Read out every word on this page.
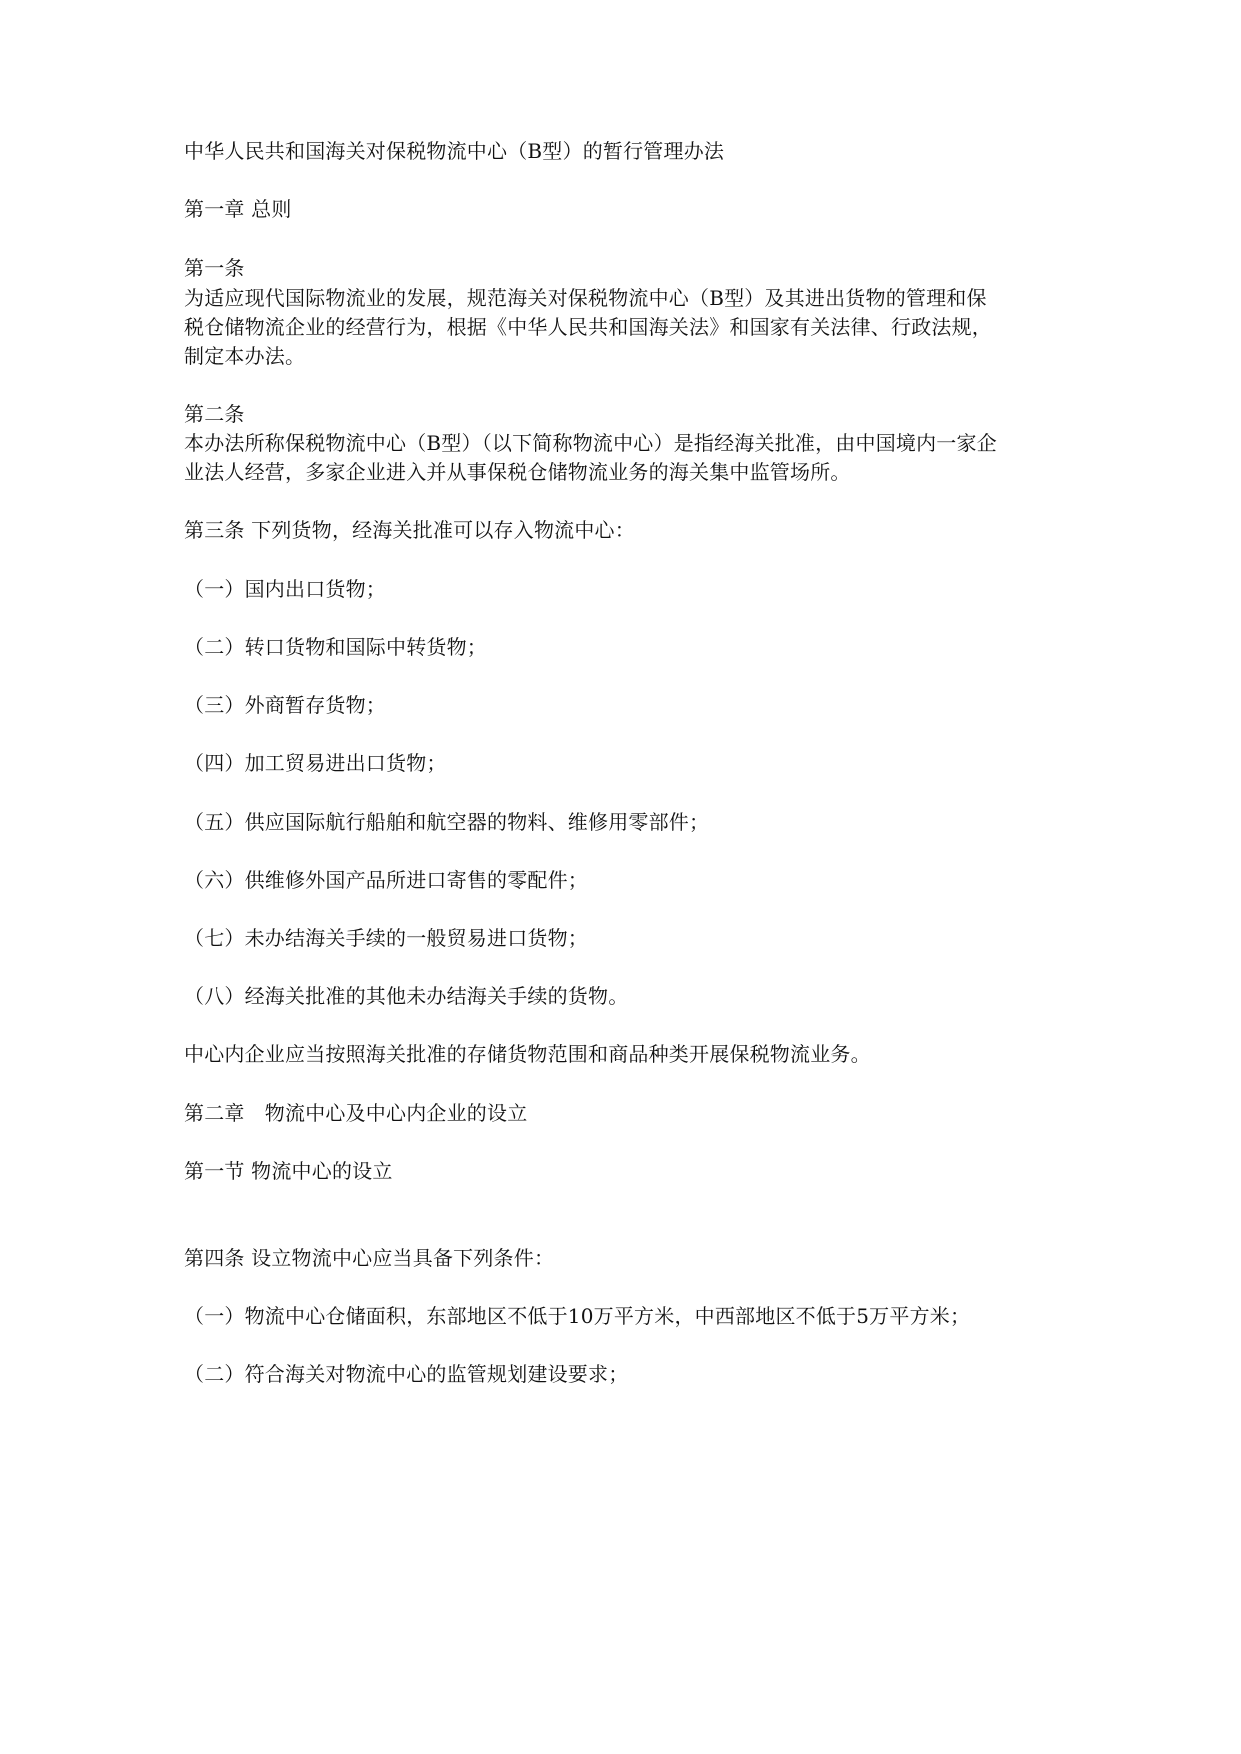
中华人民共和国海关对保税物流中心（B型）的暂行管理办法
第一章 总则
第一条
为适应现代国际物流业的发展，规范海关对保税物流中心（B型）及其进出货物的管理和保
税仓储物流企业的经营行为，根据《中华人民共和国海关法》和国家有关法律、行政法规，
制定本办法。
第二条
本办法所称保税物流中心（B型）（以下简称物流中心）是指经海关批准，由中国境内一家企
业法人经营，多家企业进入并从事保税仓储物流业务的海关集中监管场所。
第三条 下列货物，经海关批准可以存入物流中心：
（一）国内出口货物；
（二）转口货物和国际中转货物；
（三）外商暂存货物；
（四）加工贸易进出口货物；
（五）供应国际航行船舶和航空器的物料、维修用零部件；
（六）供维修外国产品所进口寄售的零配件；
（七）未办结海关手续的一般贸易进口货物；
（八）经海关批准的其他未办结海关手续的货物。
中心内企业应当按照海关批准的存储货物范围和商品种类开展保税物流业务。
第二章　物流中心及中心内企业的设立
第一节 物流中心的设立
第四条 设立物流中心应当具备下列条件：
（一）物流中心仓储面积，东部地区不低于10万平方米，中西部地区不低于5万平方米；
（二）符合海关对物流中心的监管规划建设要求；
